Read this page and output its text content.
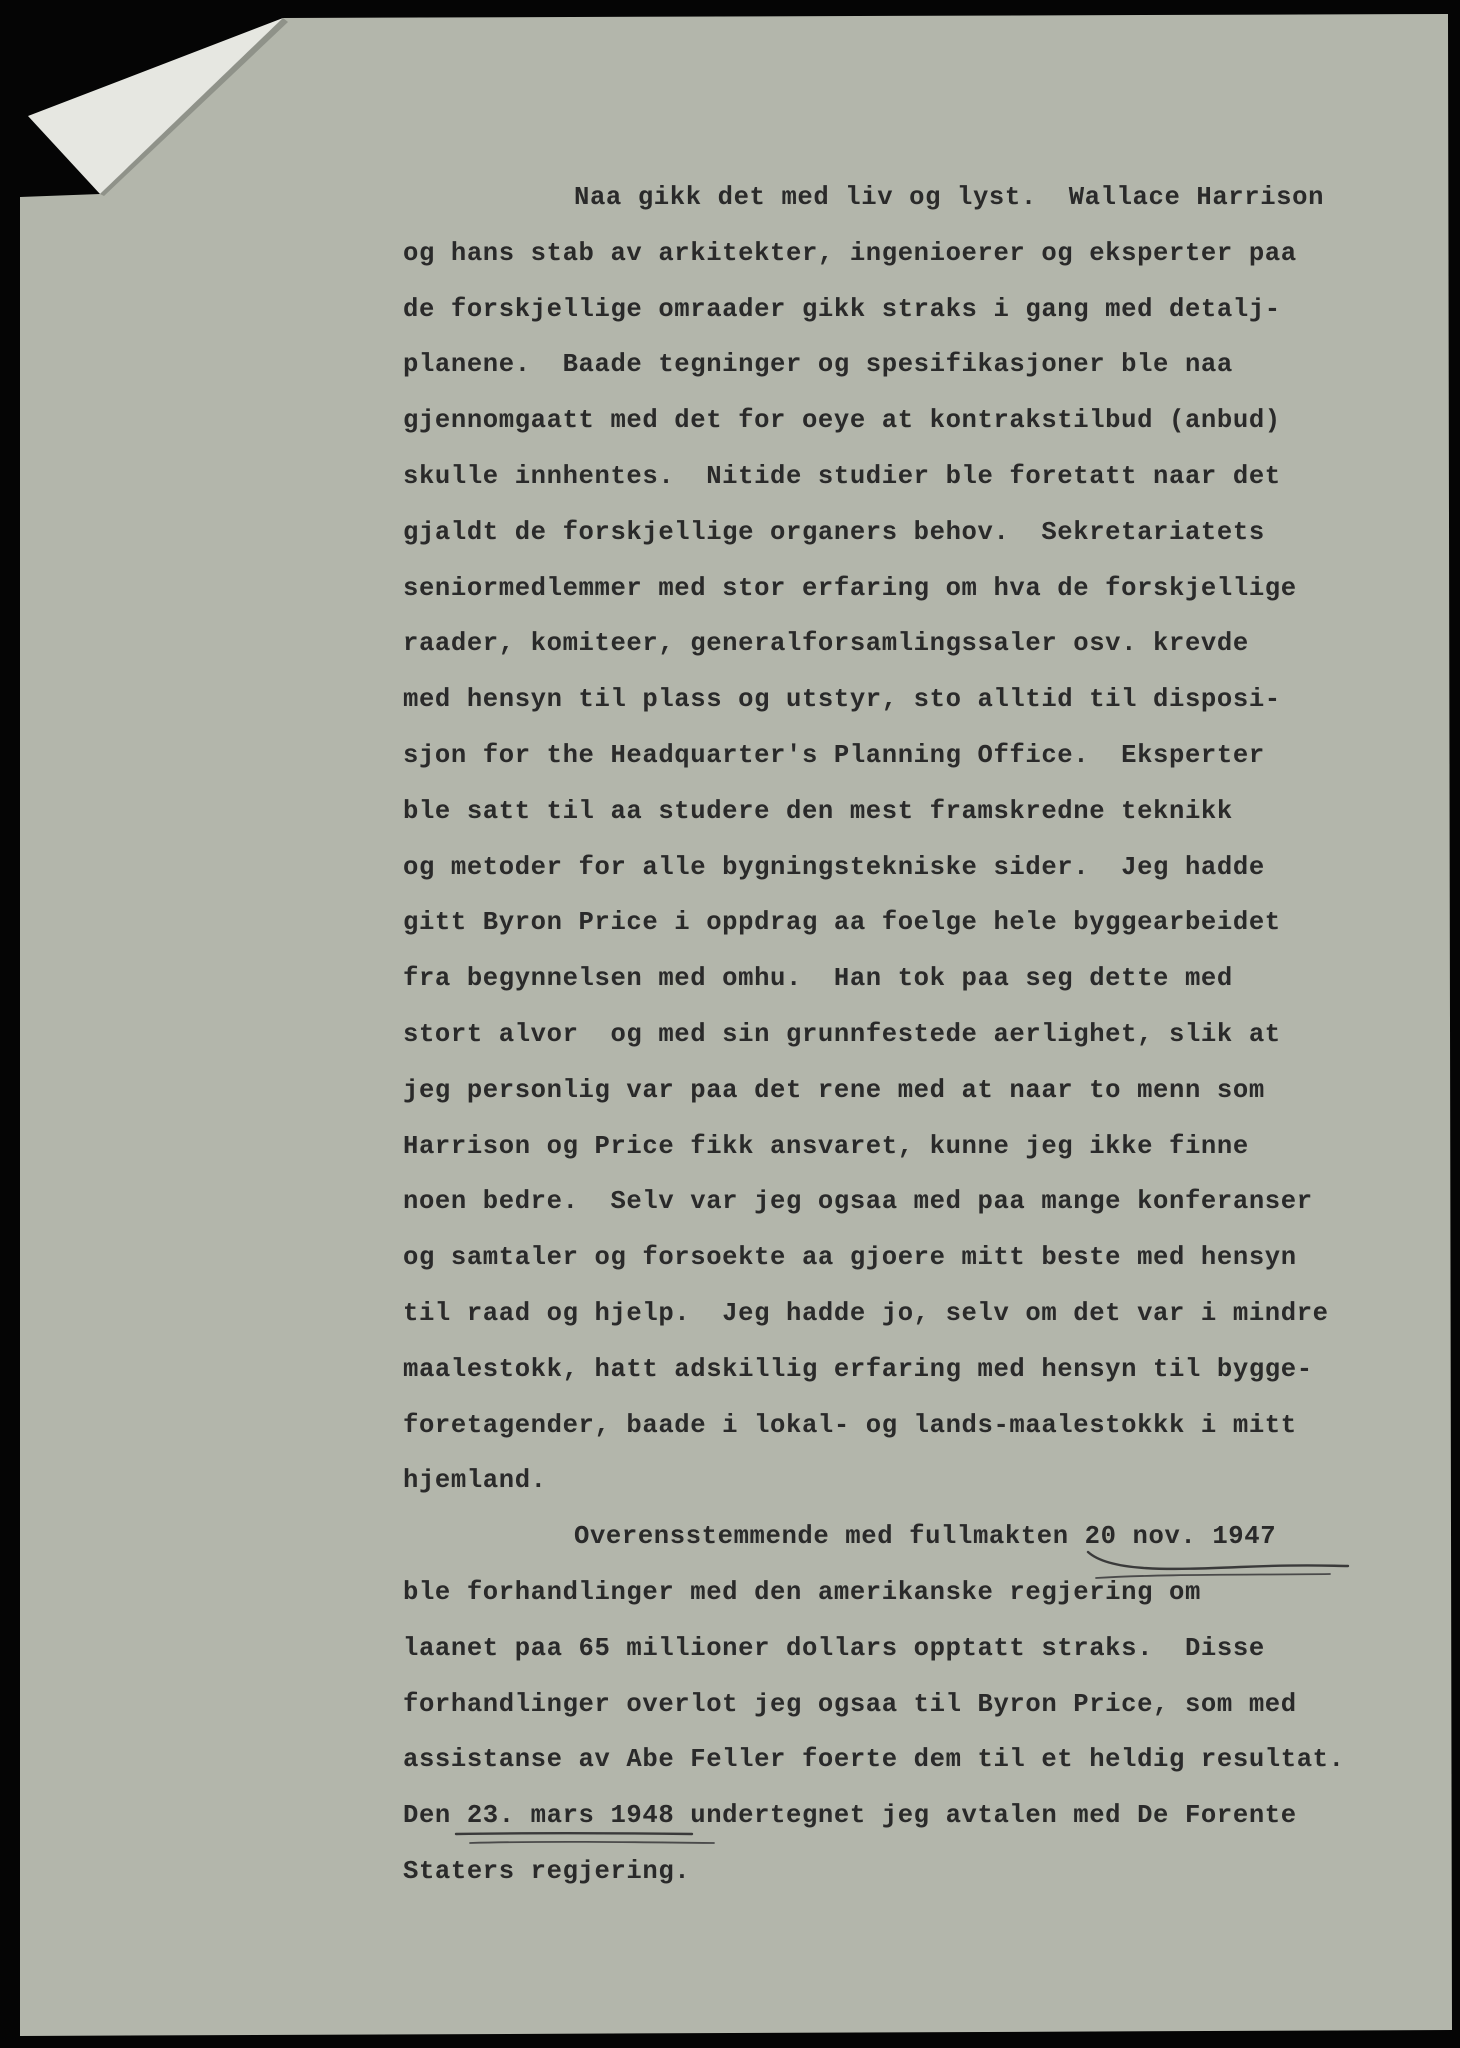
Naa gikk det med liv og lyst.  Wallace Harrison
og hans stab av arkitekter, ingenioerer og eksperter paa
de forskjellige omraader gikk straks i gang med detalj-
planene.  Baade tegninger og spesifikasjoner ble naa
gjennomgaatt med det for oeye at kontrakstilbud (anbud)
skulle innhentes.  Nitide studier ble foretatt naar det
gjaldt de forskjellige organers behov.  Sekretariatets
seniormedlemmer med stor erfaring om hva de forskjellige
raader, komiteer, generalforsamlingssaler osv. krevde
med hensyn til plass og utstyr, sto alltid til disposi-
sjon for the Headquarter's Planning Office.  Eksperter
ble satt til aa studere den mest framskredne teknikk
og metoder for alle bygningstekniske sider.  Jeg hadde
gitt Byron Price i oppdrag aa foelge hele byggearbeidet
fra begynnelsen med omhu.  Han tok paa seg dette med
stort alvor  og med sin grunnfestede aerlighet, slik at
jeg personlig var paa det rene med at naar to menn som
Harrison og Price fikk ansvaret, kunne jeg ikke finne
noen bedre.  Selv var jeg ogsaa med paa mange konferanser
og samtaler og forsoekte aa gjoere mitt beste med hensyn
til raad og hjelp.  Jeg hadde jo, selv om det var i mindre
maalestokk, hatt adskillig erfaring med hensyn til bygge-
foretagender, baade i lokal- og lands-maalestokkk i mitt
hjemland.
Overensstemmende med fullmakten 20 nov. 1947
ble forhandlinger med den amerikanske regjering om
laanet paa 65 millioner dollars opptatt straks.  Disse
forhandlinger overlot jeg ogsaa til Byron Price, som med
assistanse av Abe Feller foerte dem til et heldig resultat.
Den 23. mars 1948 undertegnet jeg avtalen med De Forente
Staters regjering.
